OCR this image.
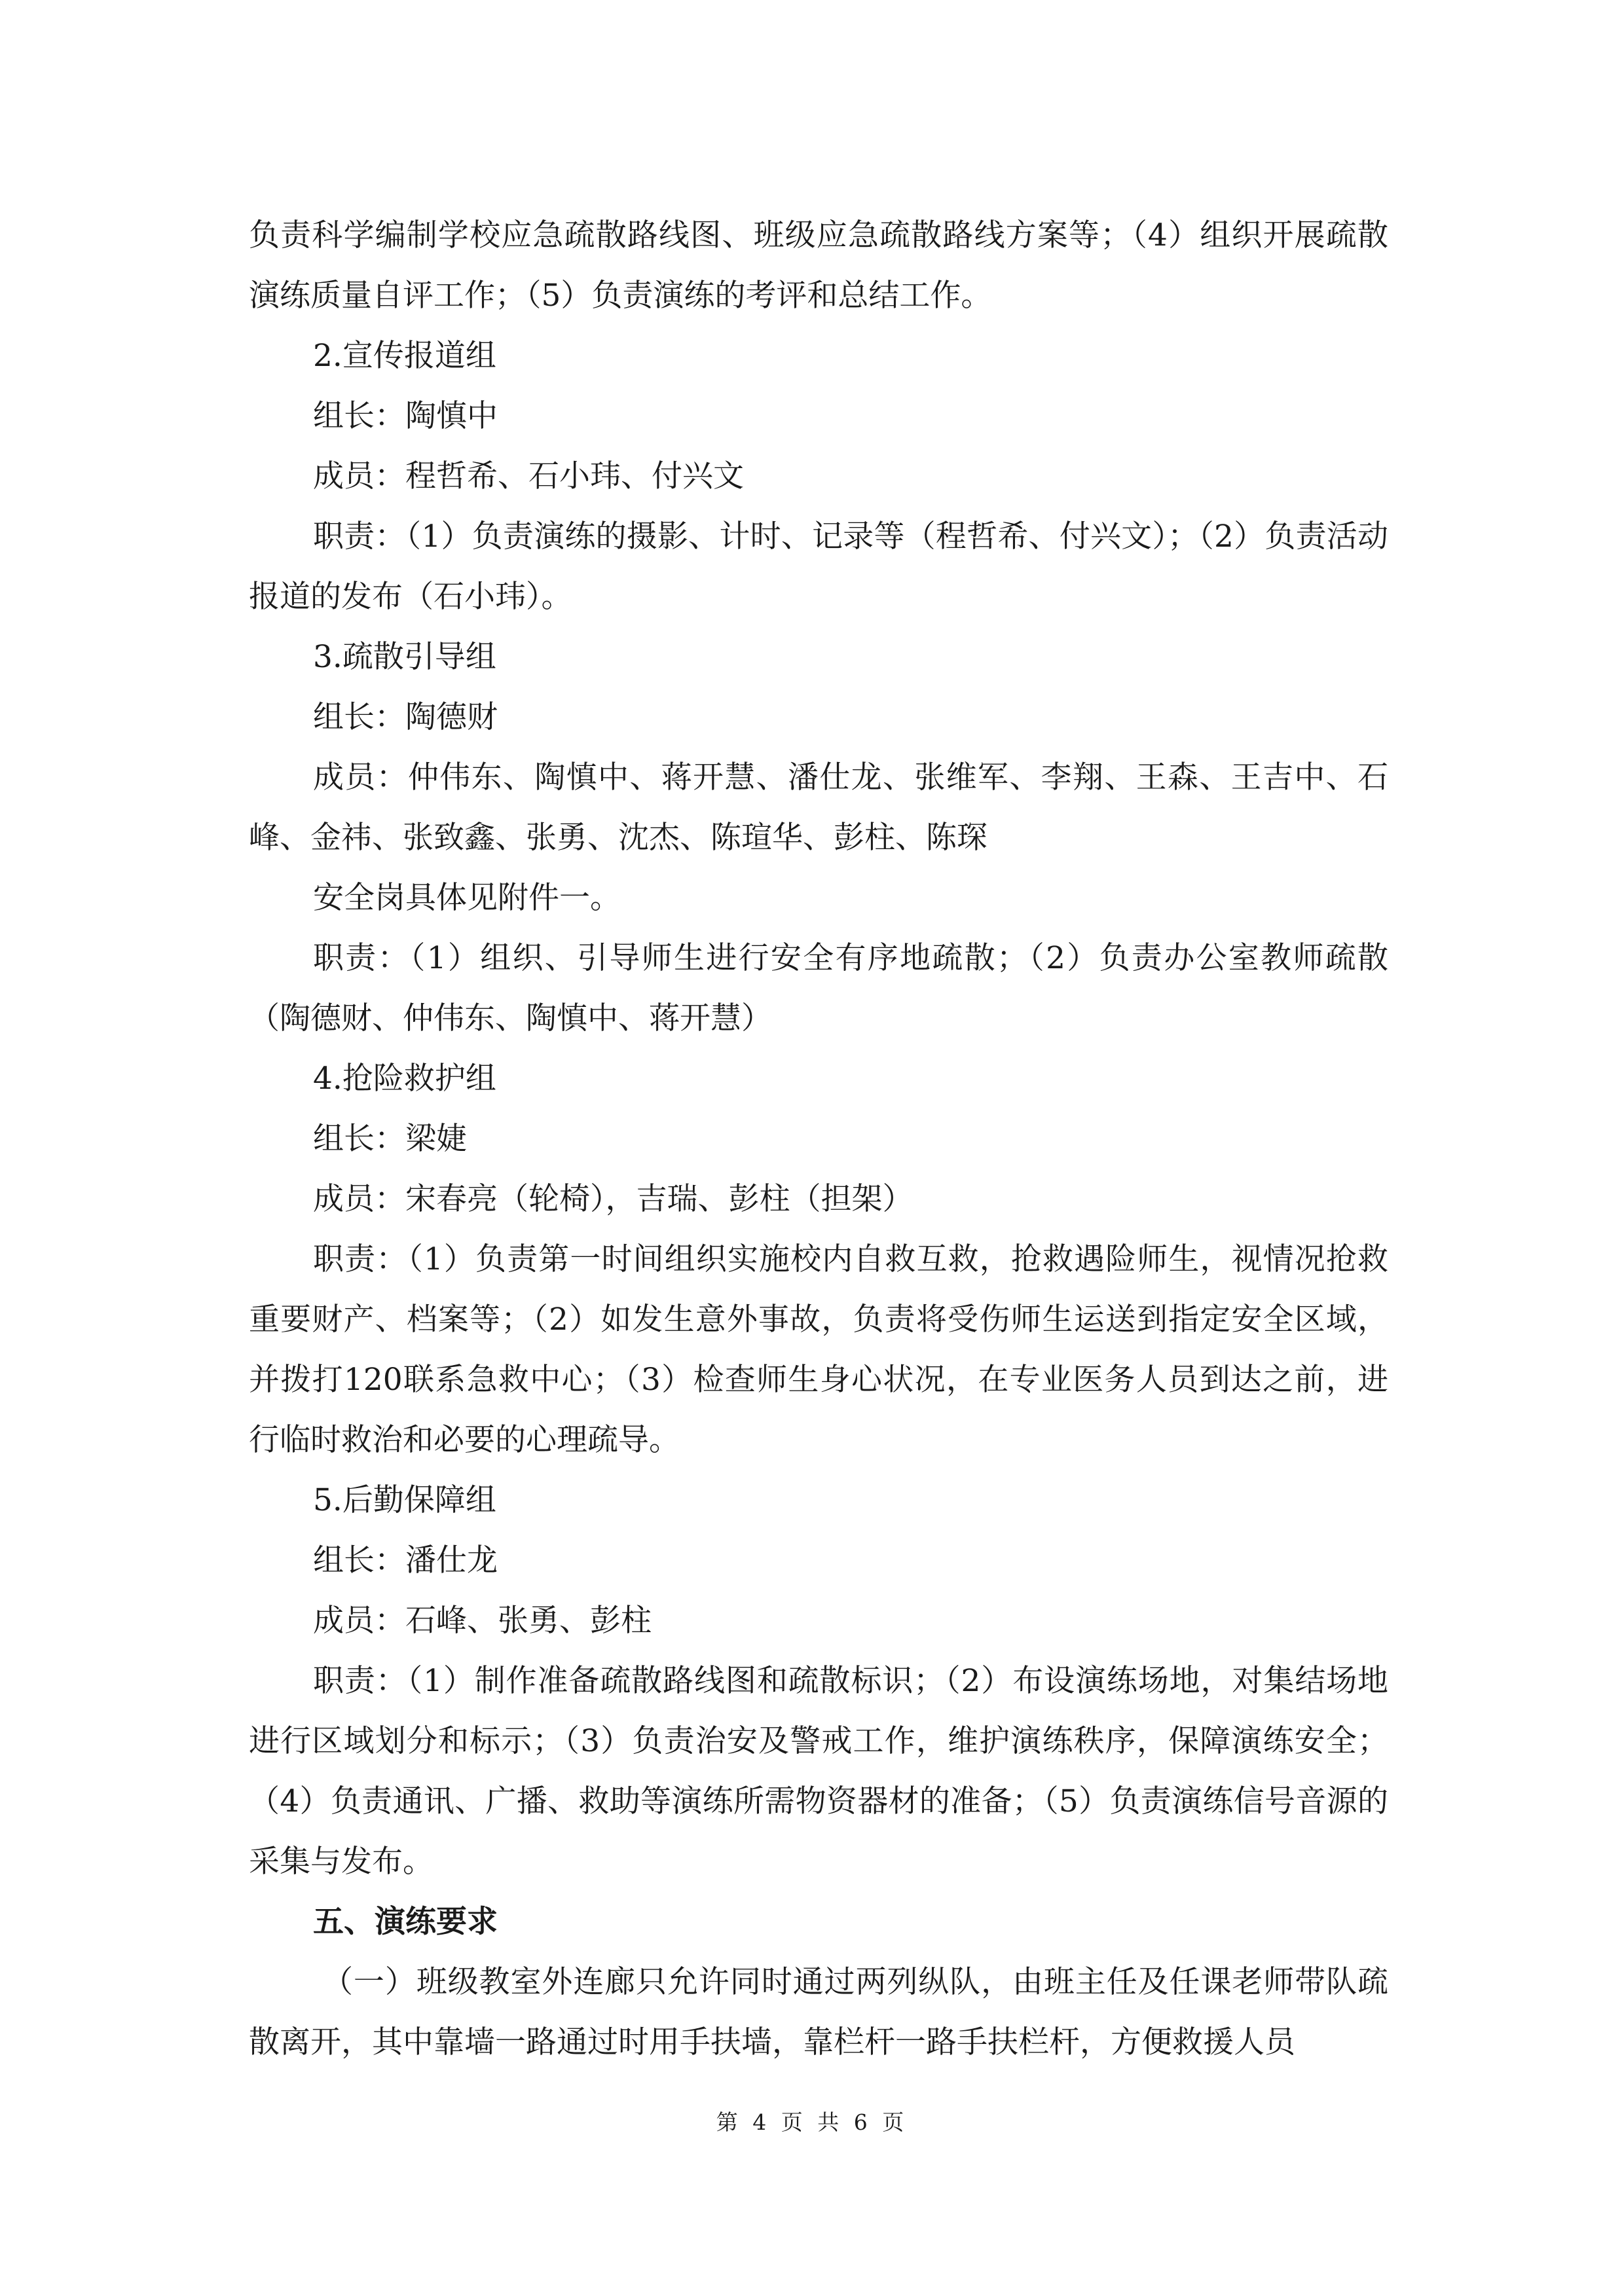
负责科学编制学校应急疏散路线图、班级应急疏散路线方案等；（4）组织开展疏散演练质量自评工作；（5）负责演练的考评和总结工作。

2.宣传报道组

组长：陶慎中

成员：程哲希、石小玮、付兴文

职责：（1）负责演练的摄影、计时、记录等（程哲希、付兴文）；（2）负责活动报道的发布（石小玮）。

3.疏散引导组

组长：陶德财

成员：仲伟东、陶慎中、蒋开慧、潘仕龙、张维军、李翔、王森、王吉中、石峰、金祎、张致鑫、张勇、沈杰、陈瑄华、彭柱、陈琛

安全岗具体见附件一。

职责：（1）组织、引导师生进行安全有序地疏散；（2）负责办公室教师疏散（陶德财、仲伟东、陶慎中、蒋开慧）

4.抢险救护组

组长：梁婕

成员：宋春亮（轮椅），吉瑞、彭柱（担架）

职责：（1）负责第一时间组织实施校内自救互救，抢救遇险师生，视情况抢救重要财产、档案等；（2）如发生意外事故，负责将受伤师生运送到指定安全区域，并拨打120联系急救中心；（3）检查师生身心状况，在专业医务人员到达之前，进行临时救治和必要的心理疏导。

5.后勤保障组

组长：潘仕龙

成员：石峰、张勇、彭柱

职责：（1）制作准备疏散路线图和疏散标识；（2）布设演练场地，对集结场地进行区域划分和标示；（3）负责治安及警戒工作，维护演练秩序，保障演练安全；（4）负责通讯、广播、救助等演练所需物资器材的准备；（5）负责演练信号音源的采集与发布。

五、演练要求

（一）班级教室外连廊只允许同时通过两列纵队，由班主任及任课老师带队疏散离开，其中靠墙一路通过时用手扶墙，靠栏杆一路手扶栏杆，方便救援人员

第 4 页 共 6 页
